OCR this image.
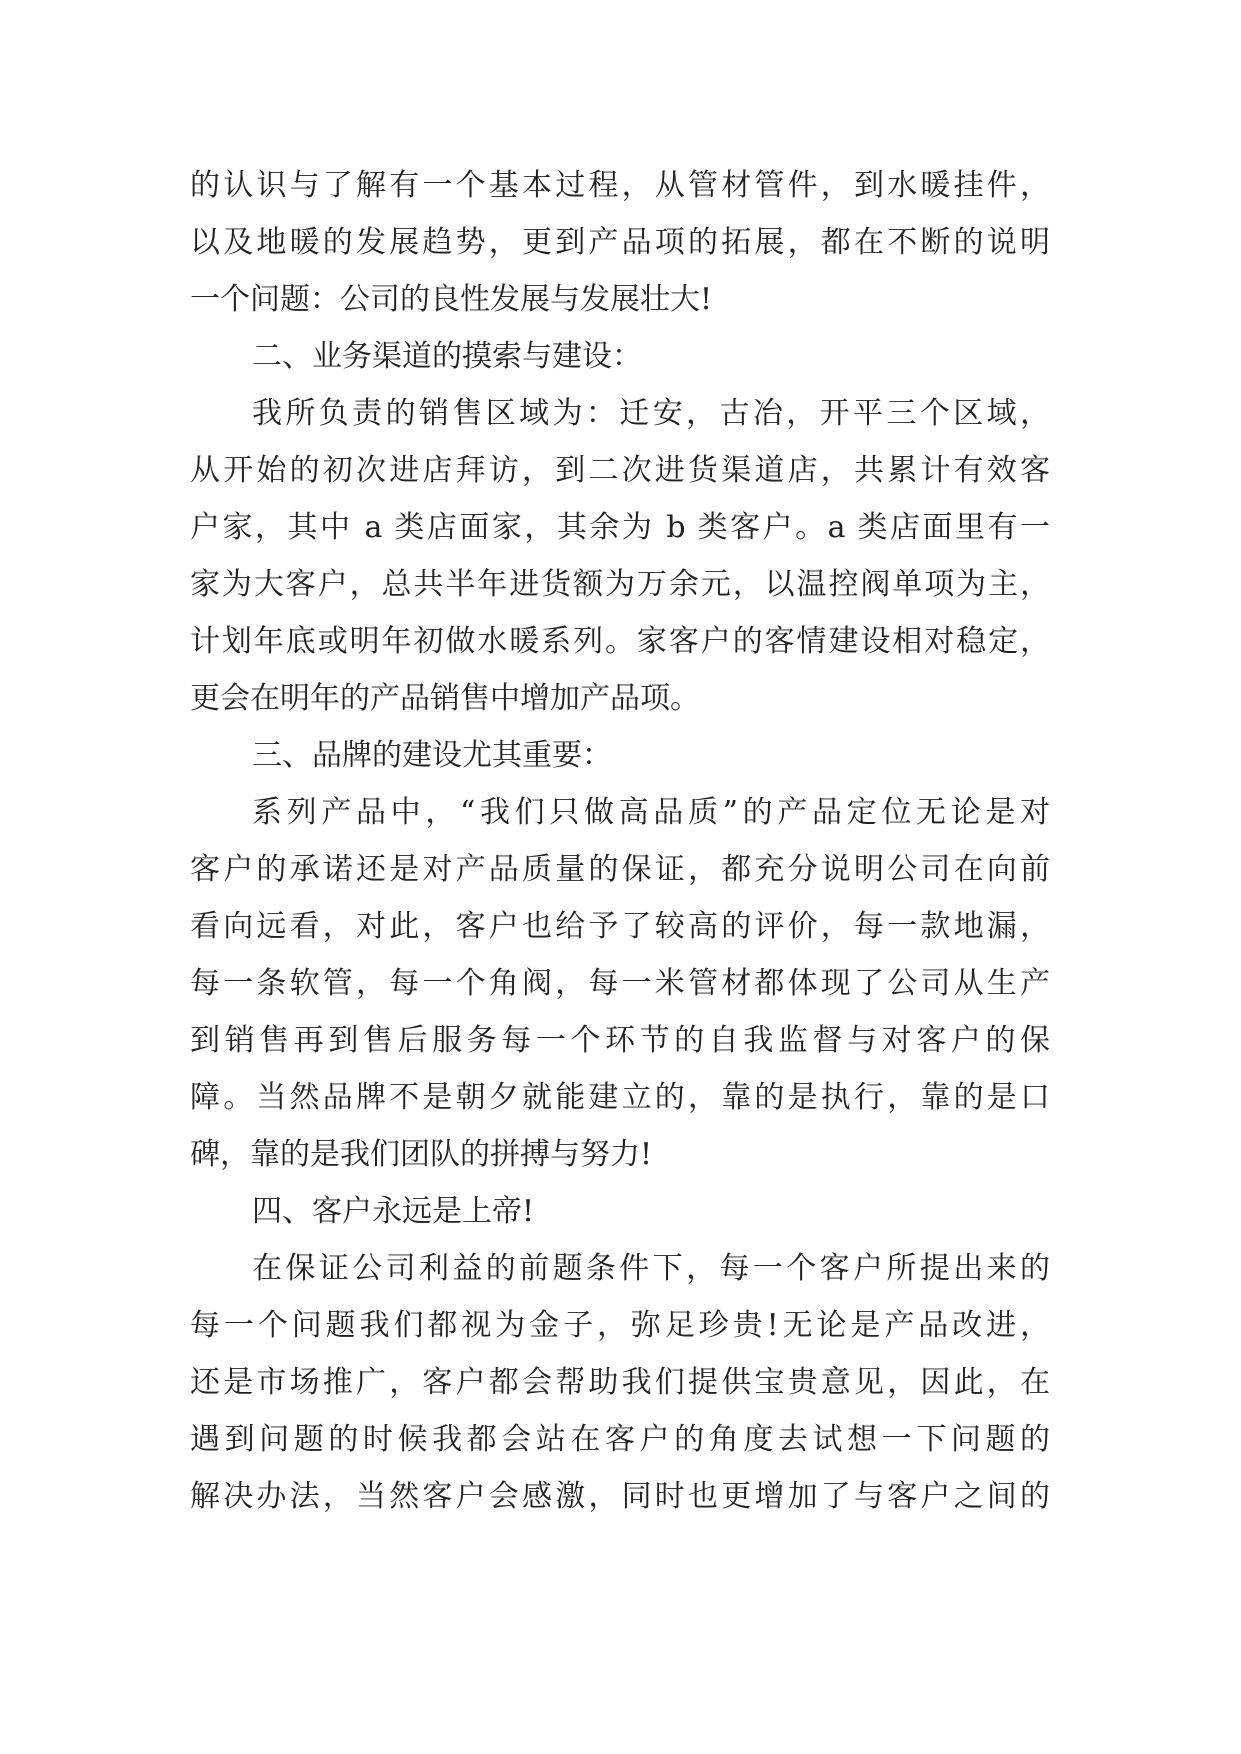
的认识与了解有一个基本过程，从管材管件，到水暖挂件，
以及地暖的发展趋势，更到产品项的拓展，都在不断的说明
一个问题：公司的良性发展与发展壮大!
二、业务渠道的摸索与建设：
我所负责的销售区域为：迁安，古冶，开平三个区域，
从开始的初次进店拜访，到二次进货渠道店，共累计有效客
户家，其中 a 类店面家，其余为 b 类客户。a 类店面里有一
家为大客户，总共半年进货额为万余元，以温控阀单项为主，
计划年底或明年初做水暖系列。家客户的客情建设相对稳定，
更会在明年的产品销售中增加产品项。
三、品牌的建设尤其重要：
系列产品中，“我们只做高品质”的产品定位无论是对
客户的承诺还是对产品质量的保证，都充分说明公司在向前
看向远看，对此，客户也给予了较高的评价，每一款地漏，
每一条软管，每一个角阀，每一米管材都体现了公司从生产
到销售再到售后服务每一个环节的自我监督与对客户的保
障。当然品牌不是朝夕就能建立的，靠的是执行，靠的是口
碑，靠的是我们团队的拼搏与努力!
四、客户永远是上帝!
在保证公司利益的前题条件下，每一个客户所提出来的
每一个问题我们都视为金子，弥足珍贵!无论是产品改进，
还是市场推广，客户都会帮助我们提供宝贵意见，因此，在
遇到问题的时候我都会站在客户的角度去试想一下问题的
解决办法，当然客户会感激，同时也更增加了与客户之间的
